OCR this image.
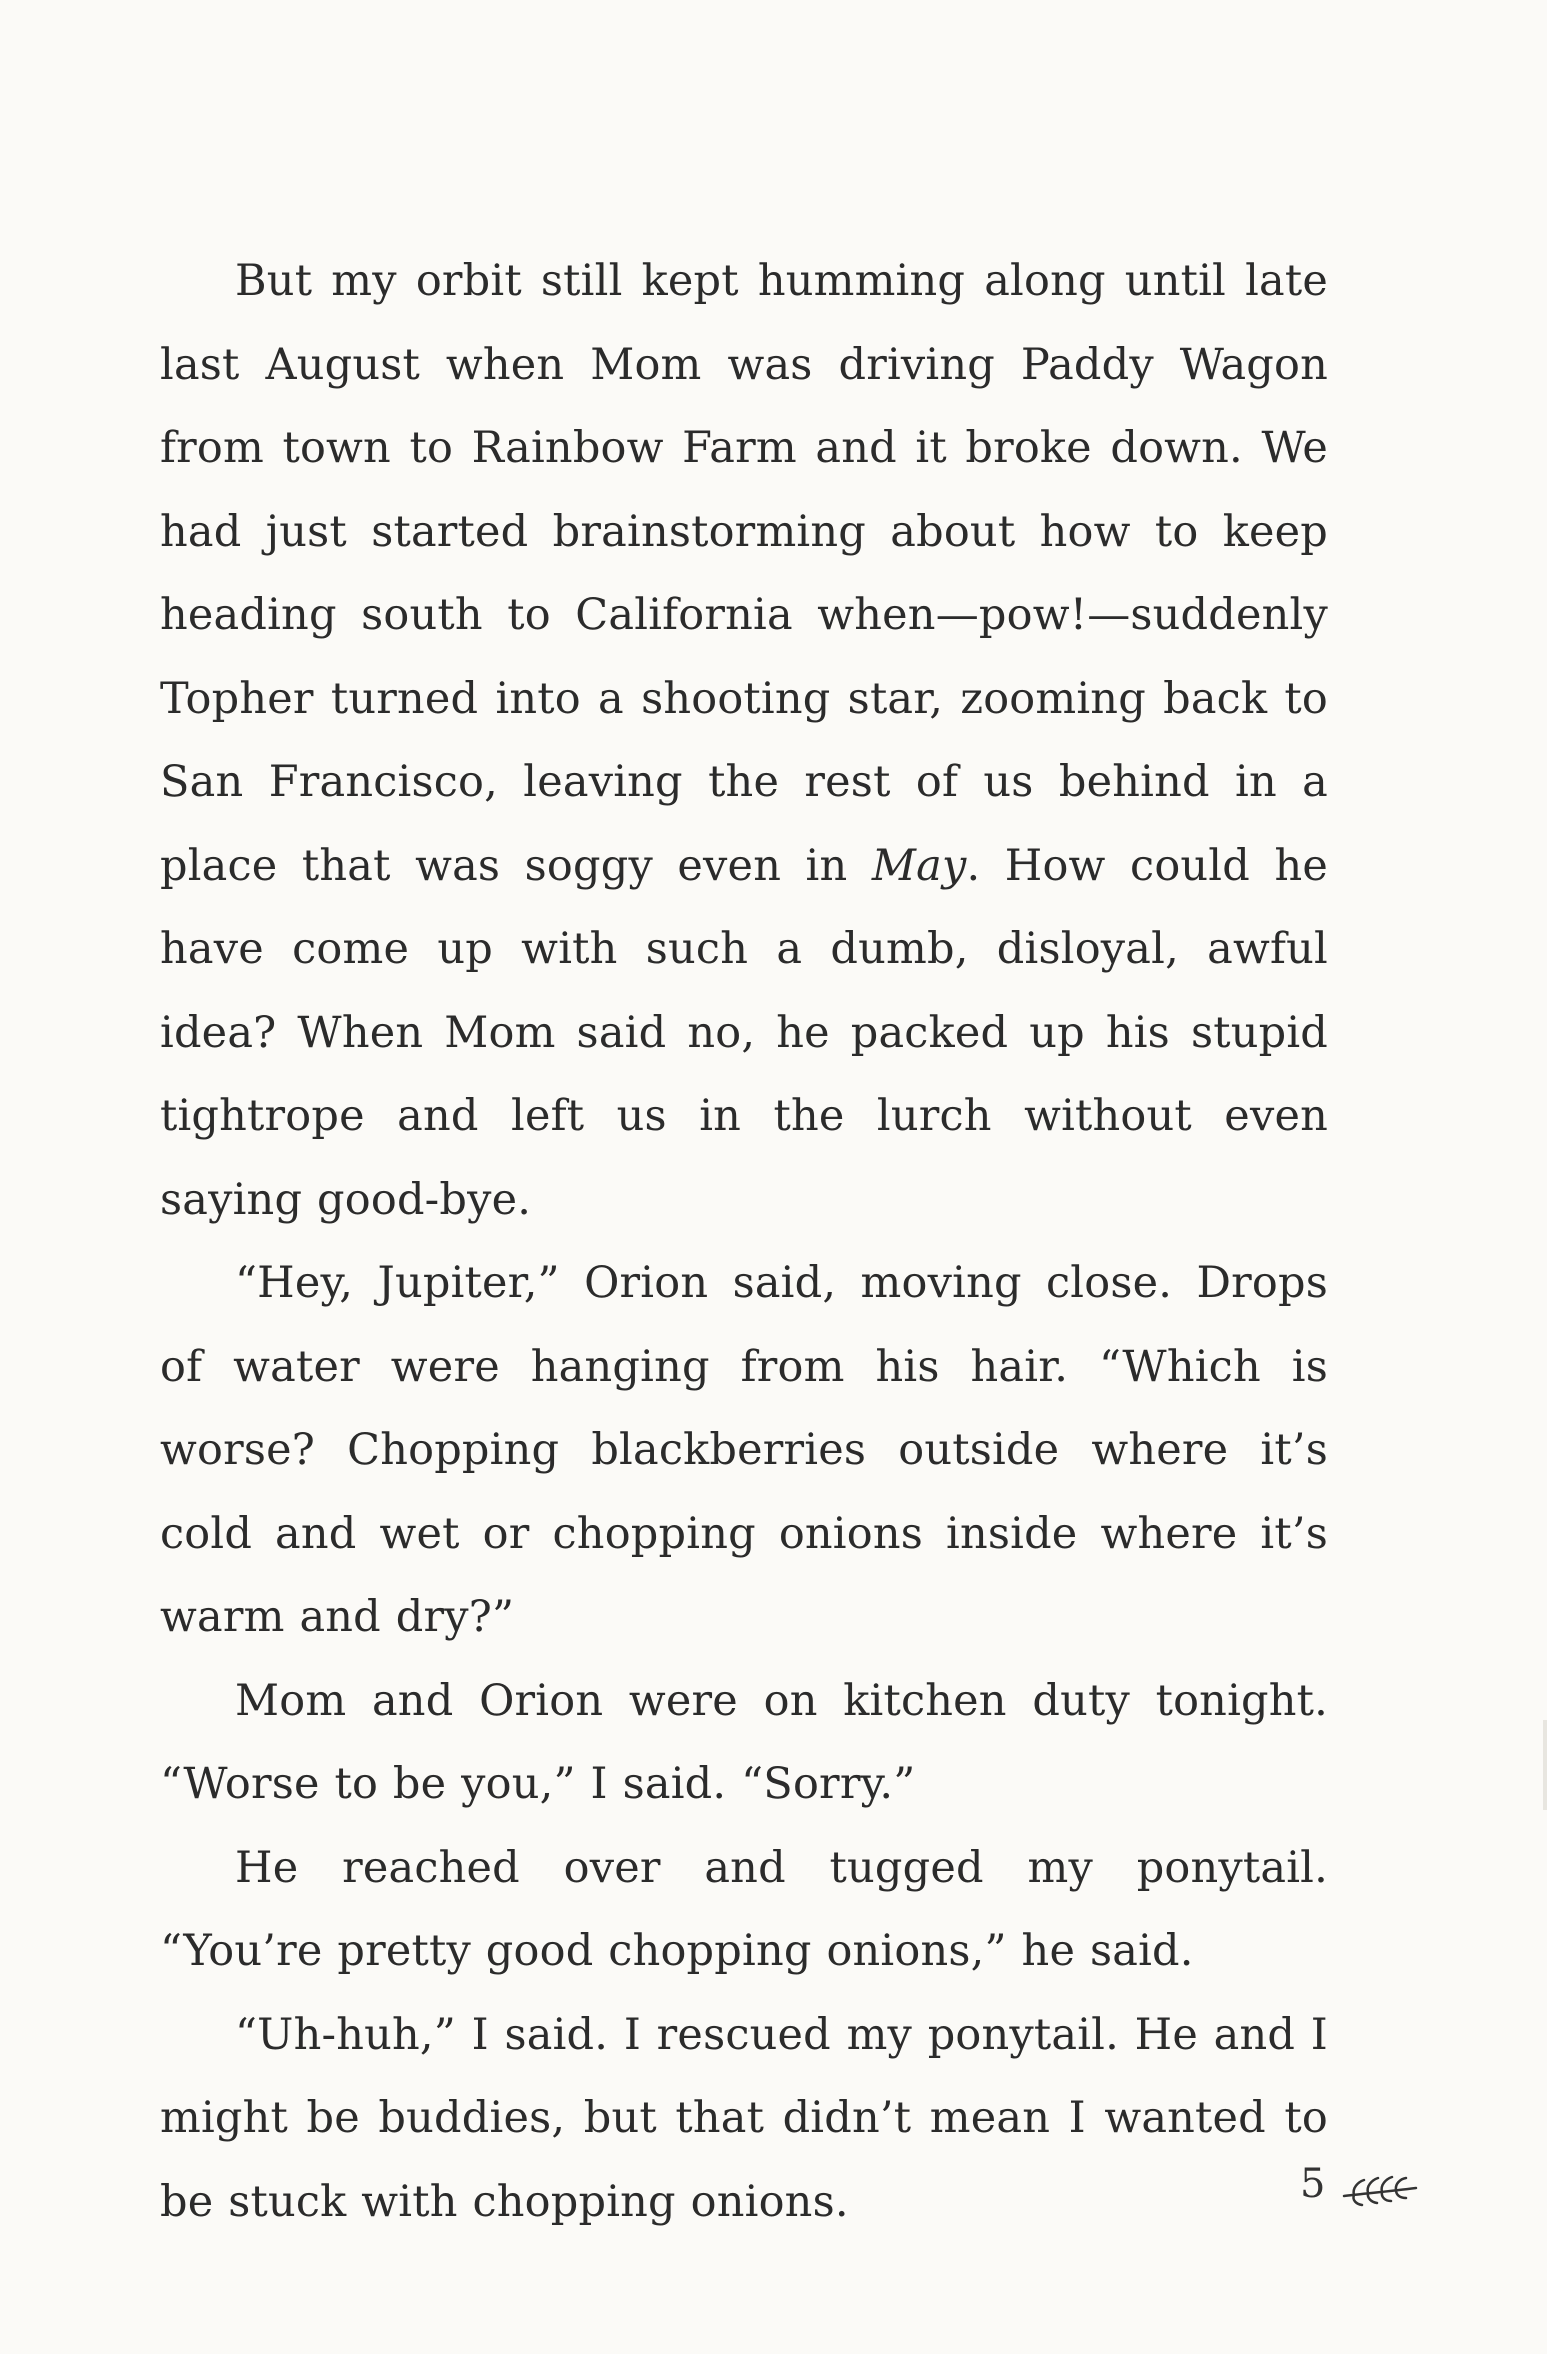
But my orbit still kept humming along until late last August when Mom was driving Paddy Wagon from town to Rainbow Farm and it broke down. We had just started brainstorming about how to keep heading south to California when—pow!—suddenly Topher turned into a shooting star, zooming back to San Francisco, leaving the rest of us behind in a place that was soggy even in May. How could he have come up with such a dumb, disloyal, awful idea? When Mom said no, he packed up his stupid tightrope and left us in the lurch without even saying good-bye.

“Hey, Jupiter,” Orion said, moving close. Drops of water were hanging from his hair. “Which is worse? Chopping blackberries outside where it’s cold and wet or chopping onions inside where it’s warm and dry?”

Mom and Orion were on kitchen duty tonight. “Worse to be you,” I said. “Sorry.”

He reached over and tugged my ponytail. “You’re pretty good chopping onions,” he said.

“Uh-huh,” I said. I rescued my ponytail. He and I might be buddies, but that didn’t mean I wanted to be stuck with chopping onions.	5
